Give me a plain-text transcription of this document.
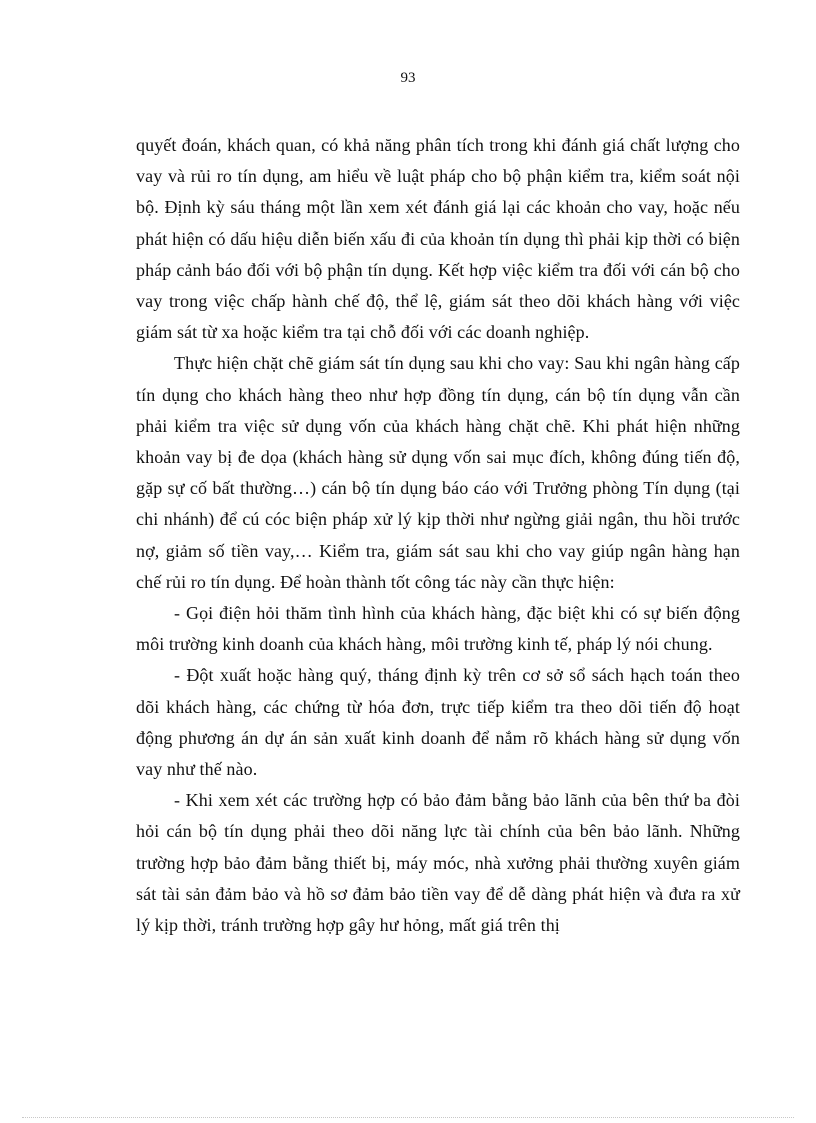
93

quyết đoán, khách quan, có khả năng phân tích trong khi đánh giá chất lượng cho vay và rủi ro tín dụng, am hiểu về luật pháp cho bộ phận kiểm tra, kiểm soát nội bộ. Định kỳ sáu tháng một lần xem xét đánh giá lại các khoản cho vay, hoặc nếu phát hiện có dấu hiệu diễn biến xấu đi của khoản tín dụng thì phải kịp thời có biện pháp cảnh báo đối với bộ phận tín dụng. Kết hợp việc kiểm tra đối với cán bộ cho vay trong việc chấp hành chế độ, thể lệ, giám sát theo dõi khách hàng với việc giám sát từ xa hoặc kiểm tra tại chỗ đối với các doanh nghiệp.

Thực hiện chặt chẽ giám sát tín dụng sau khi cho vay: Sau khi ngân hàng cấp tín dụng cho khách hàng theo như hợp đồng tín dụng, cán bộ tín dụng vẫn cần phải kiểm tra việc sử dụng vốn của khách hàng chặt chẽ. Khi phát hiện những khoản vay bị đe dọa (khách hàng sử dụng vốn sai mục đích, không đúng tiến độ, gặp sự cố bất thường…) cán bộ tín dụng báo cáo với Trưởng phòng Tín dụng (tại chi nhánh) để cú cóc biện pháp xử lý kịp thời như ngừng giải ngân, thu hồi trước nợ, giảm số tiền vay,… Kiểm tra, giám sát sau khi cho vay giúp ngân hàng hạn chế rủi ro tín dụng. Để hoàn thành tốt công tác này cần thực hiện:

- Gọi điện hỏi thăm tình hình của khách hàng, đặc biệt khi có sự biến động môi trường kinh doanh của khách hàng, môi trường kinh tế, pháp lý nói chung.

- Đột xuất hoặc hàng quý, tháng định kỳ trên cơ sở sổ sách hạch toán theo dõi khách hàng, các chứng từ hóa đơn, trực tiếp kiểm tra theo dõi tiến độ hoạt động phương án dự án sản xuất kinh doanh để nắm rõ khách hàng sử dụng vốn vay như thế nào.

- Khi xem xét các trường hợp có bảo đảm bằng bảo lãnh của bên thứ ba đòi hỏi cán bộ tín dụng phải theo dõi năng lực tài chính của bên bảo lãnh. Những trường hợp bảo đảm bằng thiết bị, máy móc, nhà xưởng phải thường xuyên giám sát tài sản đảm bảo và hồ sơ đảm bảo tiền vay để dễ dàng phát hiện và đưa ra xử lý kịp thời, tránh trường hợp gây hư hỏng, mất giá trên thị
